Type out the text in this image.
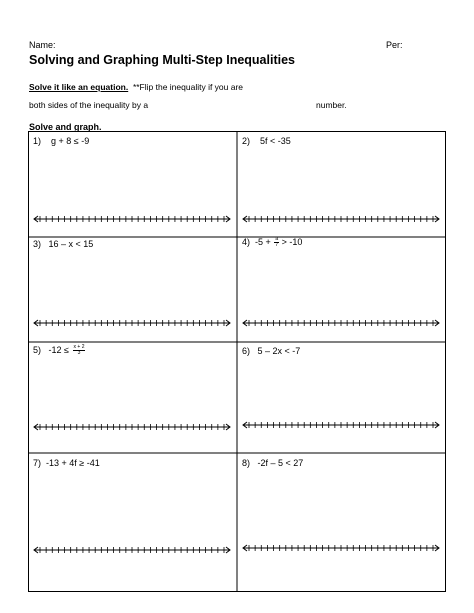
Name:	Per:
Solving and Graphing Multi-Step Inequalities
Solve it like an equation. **Flip the inequality if you are
both sides of the inequality by a	number.
Solve and graph.
1) g + 8 ≤ -9	2) 5f < -35
3) 16 – x < 15	4) $-5 + \frac{a}{7} > -10$
5) $-12 \le \frac{x + 2}{3}$	6) 5 – 2x < -7
7) -13 + 4f ≥ -41	8) -2f – 5 < 27
